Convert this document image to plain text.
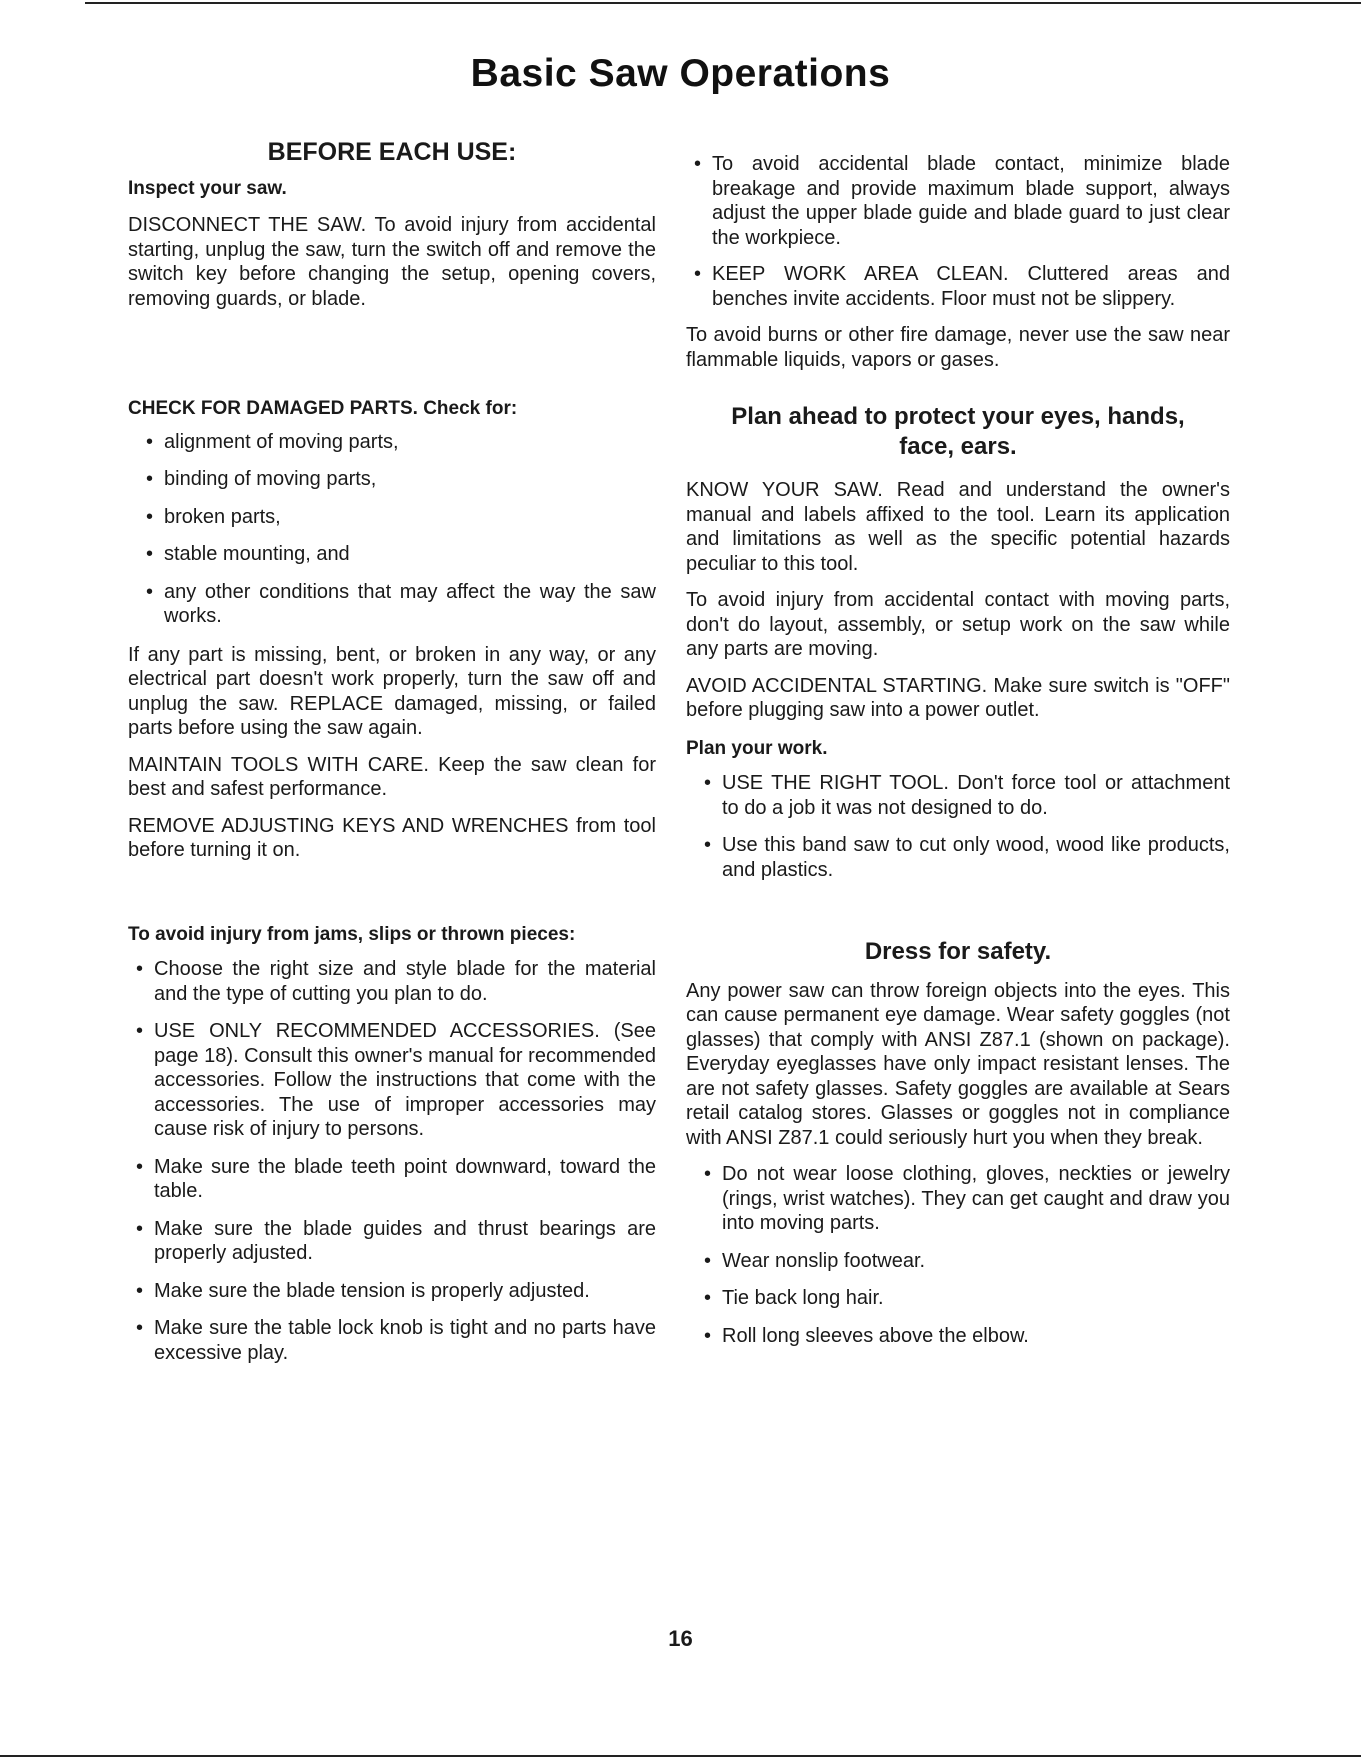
Basic Saw Operations
BEFORE EACH USE:
Inspect your saw.

DISCONNECT THE SAW. To avoid injury from accidental starting, unplug the saw, turn the switch off and remove the switch key before changing the setup, opening covers, removing guards, or blade.

CHECK FOR DAMAGED PARTS. Check for:
• alignment of moving parts,
• binding of moving parts,
• broken parts,
• stable mounting, and
• any other conditions that may affect the way the saw works.

If any part is missing, bent, or broken in any way, or any electrical part doesn't work properly, turn the saw off and unplug the saw. REPLACE damaged, missing, or failed parts before using the saw again.

MAINTAIN TOOLS WITH CARE. Keep the saw clean for best and safest performance.

REMOVE ADJUSTING KEYS AND WRENCHES from tool before turning it on.

To avoid injury from jams, slips or thrown pieces:
• Choose the right size and style blade for the material and the type of cutting you plan to do.
• USE ONLY RECOMMENDED ACCESSORIES. (See page 18). Consult this owner's manual for recommended accessories. Follow the instructions that come with the accessories. The use of improper accessories may cause risk of injury to persons.
• Make sure the blade teeth point downward, toward the table.
• Make sure the blade guides and thrust bearings are properly adjusted.
• Make sure the blade tension is properly adjusted.
• Make sure the table lock knob is tight and no parts have excessive play.
• To avoid accidental blade contact, minimize blade breakage and provide maximum blade support, always adjust the upper blade guide and blade guard to just clear the workpiece.
• KEEP WORK AREA CLEAN. Cluttered areas and benches invite accidents. Floor must not be slippery.

To avoid burns or other fire damage, never use the saw near flammable liquids, vapors or gases.

Plan ahead to protect your eyes, hands, face, ears.

KNOW YOUR SAW. Read and understand the owner's manual and labels affixed to the tool. Learn its application and limitations as well as the specific potential hazards peculiar to this tool.

To avoid injury from accidental contact with moving parts, don't do layout, assembly, or setup work on the saw while any parts are moving.

AVOID ACCIDENTAL STARTING. Make sure switch is "OFF" before plugging saw into a power outlet.

Plan your work.
• USE THE RIGHT TOOL. Don't force tool or attachment to do a job it was not designed to do.
• Use this band saw to cut only wood, wood like products, and plastics.
Dress for safety.

Any power saw can throw foreign objects into the eyes. This can cause permanent eye damage. Wear safety goggles (not glasses) that comply with ANSI Z87.1 (shown on package). Everyday eyeglasses have only impact resistant lenses. The are not safety glasses. Safety goggles are available at Sears retail catalog stores. Glasses or goggles not in compliance with ANSI Z87.1 could seriously hurt you when they break.

• Do not wear loose clothing, gloves, neckties or jewelry (rings, wrist watches). They can get caught and draw you into moving parts.
• Wear nonslip footwear.
• Tie back long hair.
• Roll long sleeves above the elbow.
16
